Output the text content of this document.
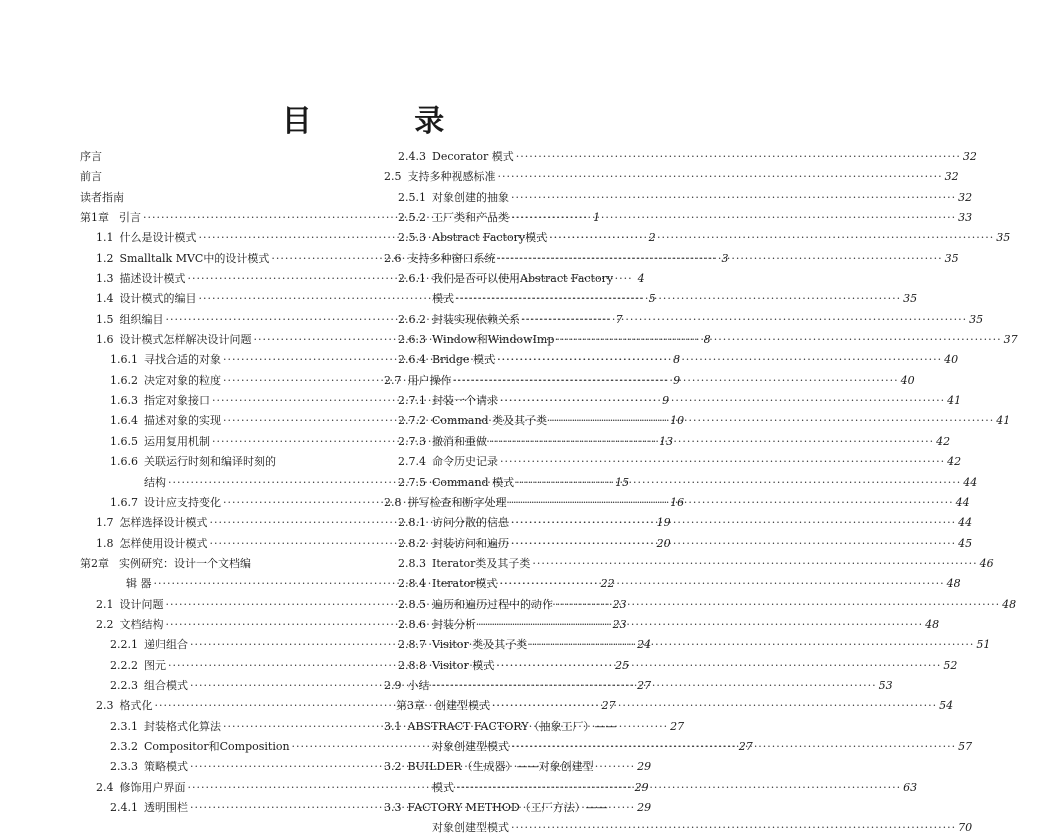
目 录
序言
前言
读者指南
第1章 引言 ·····	1
1.1 什么是设计模式 ·····	2
1.2 Smalltalk MVC中的设计模式 ·····	3
1.3 描述设计模式 ·····	4
1.4 设计模式的编目 ·····	5
1.5 组织编目 ·····	7
1.6 设计模式怎样解决设计问题 ·····	8
1.6.1 寻找合适的对象 ·····	8
1.6.2 决定对象的粒度 ·····	9
1.6.3 指定对象接口 ·····	9
1.6.4 描述对象的实现 ·····	10
1.6.5 运用复用机制 ·····	13
1.6.6 关联运行时刻和编译时刻的
结构 ·····	15
1.6.7 设计应支持变化 ·····	16
1.7 怎样选择设计模式 ·····	19
1.8 怎样使用设计模式 ·····	20
第2章 实例研究：设计一个文档编
辑 器 ·····	22
2.1 设计问题 ·····	23
2.2 文档结构 ·····	23
2.2.1 递归组合 ·····	24
2.2.2 图元 ·····	25
2.2.3 组合模式 ·····	27
2.3 格式化 ·····	27
2.3.1 封装格式化算法 ·····	27
2.3.2 Compositor和Composition ·····	27
2.3.3 策略模式 ·····	29
2.4 修饰用户界面 ·····	29
2.4.1 透明围栏 ·····	29
2.4.3 Decorator 模式 ·····	32
2.5 支持多种视感标准 ·····	32
2.5.1 对象创建的抽象 ·····	32
2.5.2 工厂类和产品类 ·····	33
2.5.3 Abstract Factory模式 ·····	35
2.6 支持多种窗口系统 ·····	35
2.6.1 我们是否可以使用Abstract Factory
模式 ·····	35
2.6.2 封装实现依赖关系 ·····	35
2.6.3 Window和WindowImp ·····	37
2.6.4 Bridge 模式 ·····	40
2.7 用户操作 ·····	40
2.7.1 封装一个请求 ·····	41
2.7.2 Command 类及其子类 ·····	41
2.7.3 撤消和重做 ·····	42
2.7.4 命令历史记录 ·····	42
2.7.5 Command 模式 ·····	44
2.8 拼写检查和断字处理 ·····	44
2.8.1 访问分散的信息 ·····	44
2.8.2 封装访问和遍历 ·····	45
2.8.3 Iterator类及其子类 ·····	46
2.8.4 Iterator模式 ·····	48
2.8.5 遍历和遍历过程中的动作 ·····	48
2.8.6 封装分析 ·····	48
2.8.7 Visitor 类及其子类 ·····	51
2.8.8 Visitor 模式 ·····	52
2.9 小结 ·····	53
第3章 创建型模式 ·····	54
3.1 ABSTRACT FACTORY（抽象工厂）——
对象创建型模式 ·····	57
3.2 BUILDER（生成器）——对象创建型
模式 ·····	63
3.3 FACTORY METHOD（工厂方法）——
对象创建型模式 ·····	70
